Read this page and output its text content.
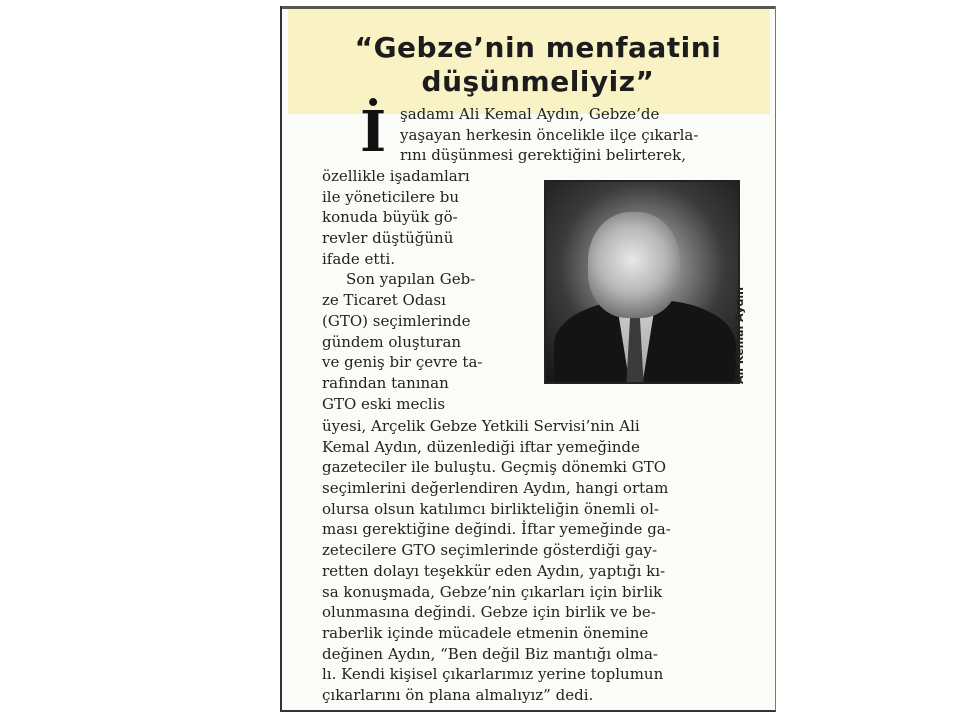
“Gebze’nin menfaatini
düşünmeliyiz”
İ şadamı Ali Kemal Aydın, Gebze’de
yaşayan herkesin öncelikle ilçe çıkarla-
rını düşünmesi gerektiğini belirterek,
özellikle işadamları
ile yöneticilere bu
konuda büyük gö-
revler düştüğünü
ifade etti.
Son yapılan Geb-
ze Ticaret Odası
(GTO) seçimlerinde
gündem oluşturan
ve geniş bir çevre ta-
rafından tanınan
GTO eski meclis
Ali Kemal Aydın
üyesi, Arçelik Gebze Yetkili Servisi’nin Ali
Kemal Aydın, düzenlediği iftar yemeğinde
gazeteciler ile buluştu. Geçmiş dönemki GTO
seçimlerini değerlendiren Aydın, hangi ortam
olursa olsun katılımcı birlikteliğin önemli ol-
ması gerektiğine değindi. İftar yemeğinde ga-
zetecilere GTO seçimlerinde gösterdiği gay-
retten dolayı teşekkür eden Aydın, yaptığı kı-
sa konuşmada, Gebze’nin çıkarları için birlik
olunmasına değindi. Gebze için birlik ve be-
raberlik içinde mücadele etmenin önemine
değinen Aydın, “Ben değil Biz mantığı olma-
lı. Kendi kişisel çıkarlarımız yerine toplumun
çıkarlarını ön plana almalıyız” dedi.
